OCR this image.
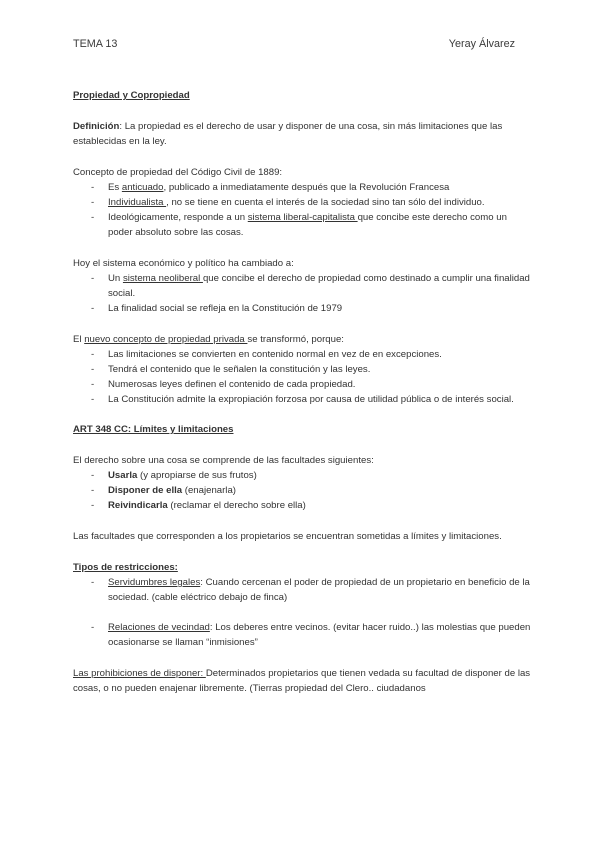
TEMA 13	Yeray Álvarez

Propiedad y Copropiedad

Definición: La propiedad es el derecho de usar y disponer de una cosa, sin más limitaciones que las establecidas en la ley.

Concepto de propiedad del Código Civil de 1889:

- Es anticuado, publicado a inmediatamente después que la Revolución Francesa
- Individualista , no se tiene en cuenta el interés de la sociedad sino tan sólo del individuo.
- Ideológicamente, responde a un sistema liberal-capitalista que concibe este derecho como un poder absoluto sobre las cosas.

Hoy el sistema económico y político ha cambiado a:

- Un sistema neoliberal que concibe el derecho de propiedad como destinado a cumplir una finalidad social.
- La finalidad social se refleja en la Constitución de 1979

El nuevo concepto de propiedad privada se transformó, porque:

- Las limitaciones se convierten en contenido normal en vez de en excepciones.
- Tendrá el contenido que le señalen la constitución y las leyes.
- Numerosas leyes definen el contenido de cada propiedad.
- La Constitución admite la expropiación forzosa por causa de utilidad pública o de interés social.

ART 348 CC: Límites y limitaciones

El derecho sobre una cosa se comprende de las facultades siguientes:

- Usarla (y apropiarse de sus frutos)
- Disponer de ella (enajenarla)
- Reivindicarla (reclamar el derecho sobre ella)

Las facultades que corresponden a los propietarios se encuentran sometidas a límites y limitaciones.

Tipos de restricciones:

- Servidumbres legales: Cuando cercenan el poder de propiedad de un propietario en beneficio de la sociedad. (cable eléctrico debajo de finca)
- Relaciones de vecindad: Los deberes entre vecinos. (evitar hacer ruido..) las molestias que pueden ocasionarse se llaman “inmisiones”

Las prohibiciones de disponer: Determinados propietarios que tienen vedada su facultad de disponer de las cosas, o no pueden enajenar libremente. (Tierras propiedad del Clero.. ciudadanos
